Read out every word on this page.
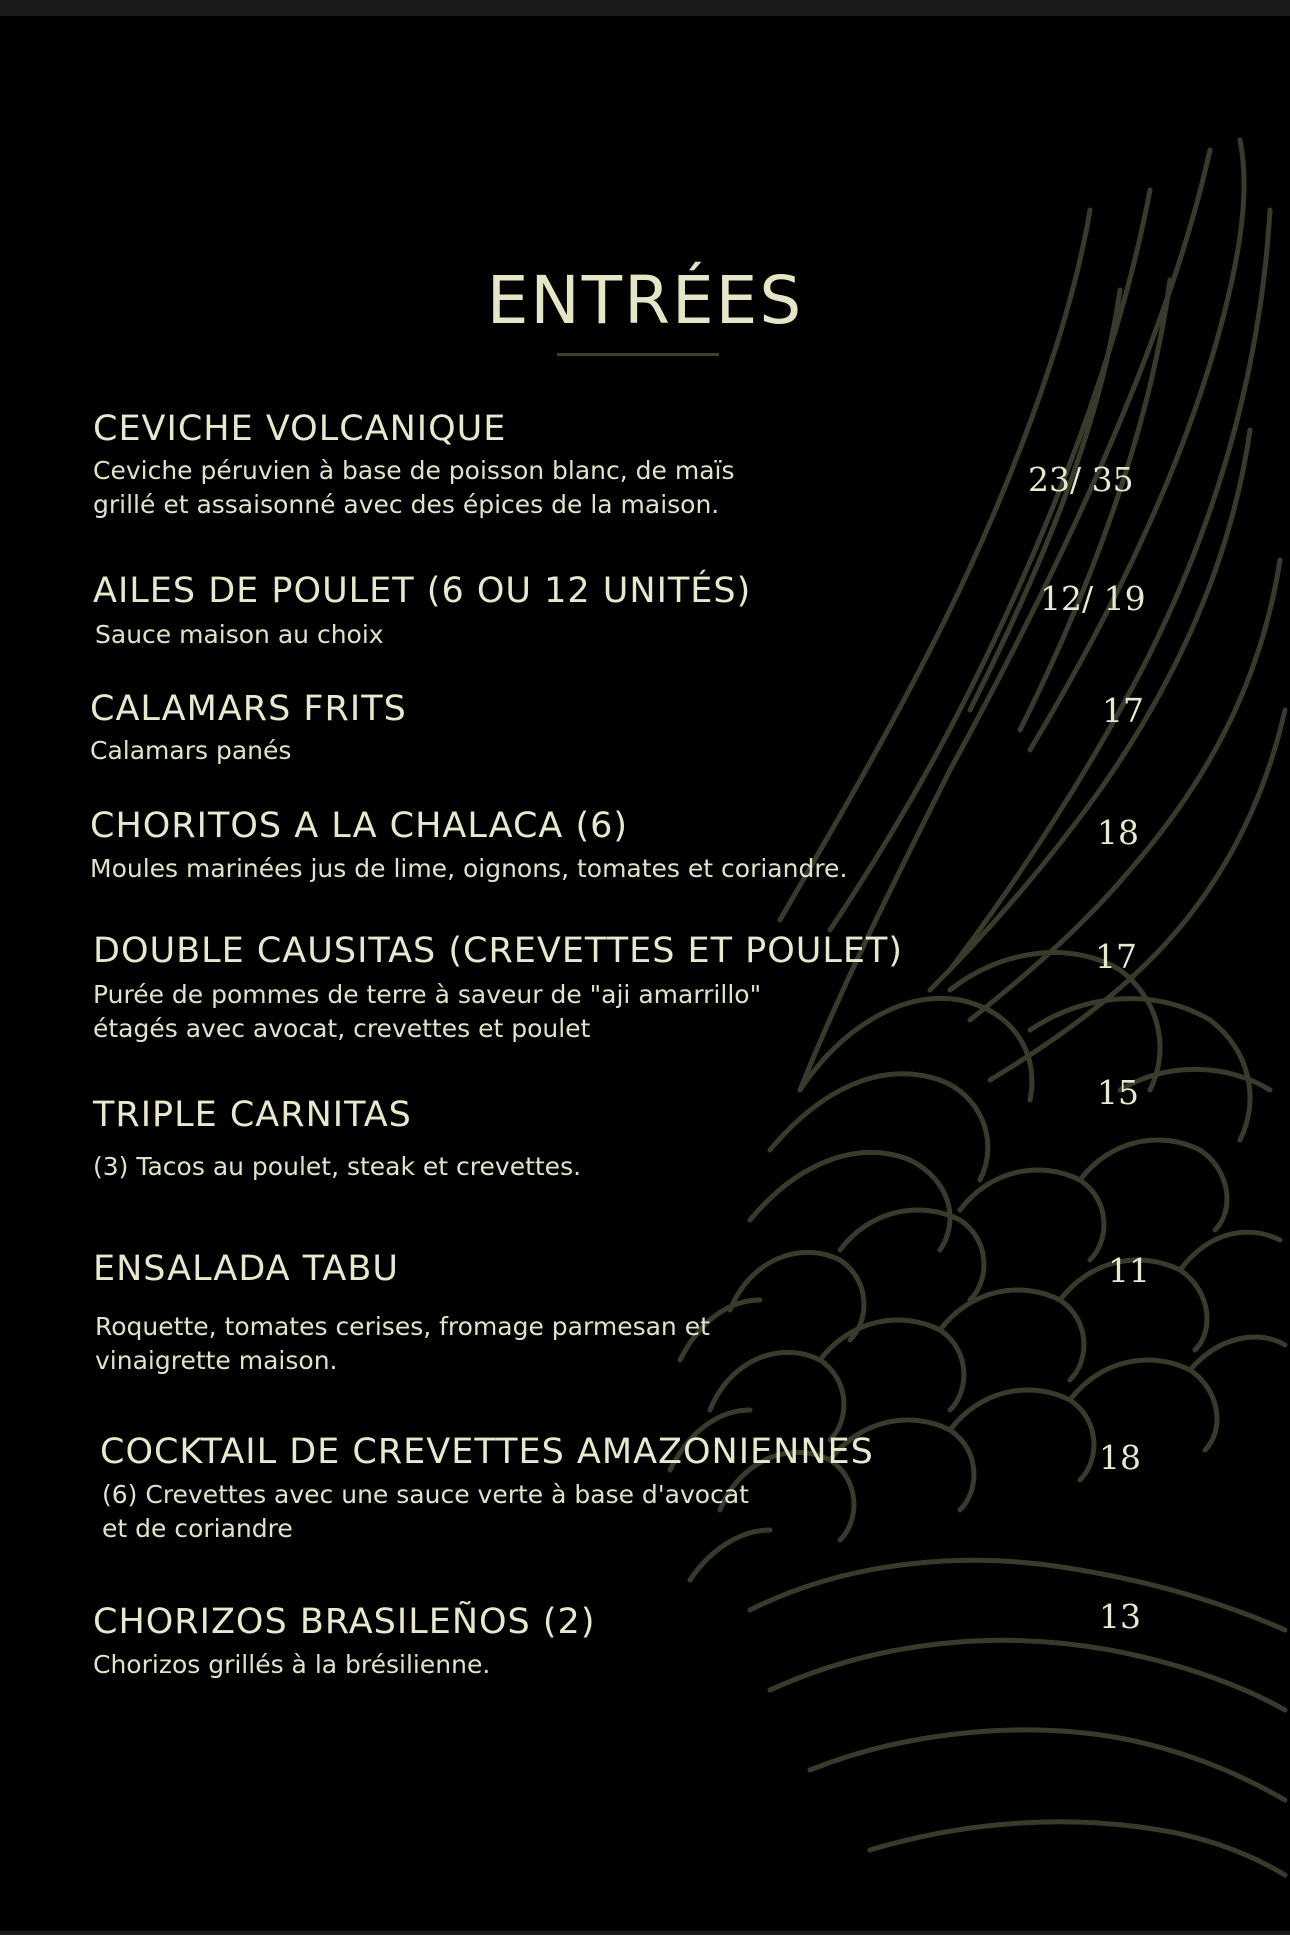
ENTRÉES
CEVICHE VOLCANIQUE
Ceviche péruvien à base de poisson blanc, de maïs
grillé et assaisonné avec des épices de la maison.
23/ 35
AILES DE POULET (6 OU 12 UNITÉS)
Sauce maison au choix
12/ 19
CALAMARS FRITS
Calamars panés
17
CHORITOS A LA CHALACA (6)
Moules marinées jus de lime, oignons, tomates et coriandre.
18
DOUBLE CAUSITAS (CREVETTES ET POULET)
Purée de pommes de terre à saveur de "aji amarrillo"
étagés avec avocat, crevettes et poulet
17
TRIPLE CARNITAS
(3) Tacos au poulet, steak et crevettes.
15
ENSALADA TABU
Roquette, tomates cerises, fromage parmesan et
vinaigrette maison.
11
COCKTAIL DE CREVETTES AMAZONIENNES
(6) Crevettes avec une sauce verte à base d'avocat
et de coriandre
18
CHORIZOS BRASILEÑOS (2)
Chorizos grillés à la brésilienne.
13
